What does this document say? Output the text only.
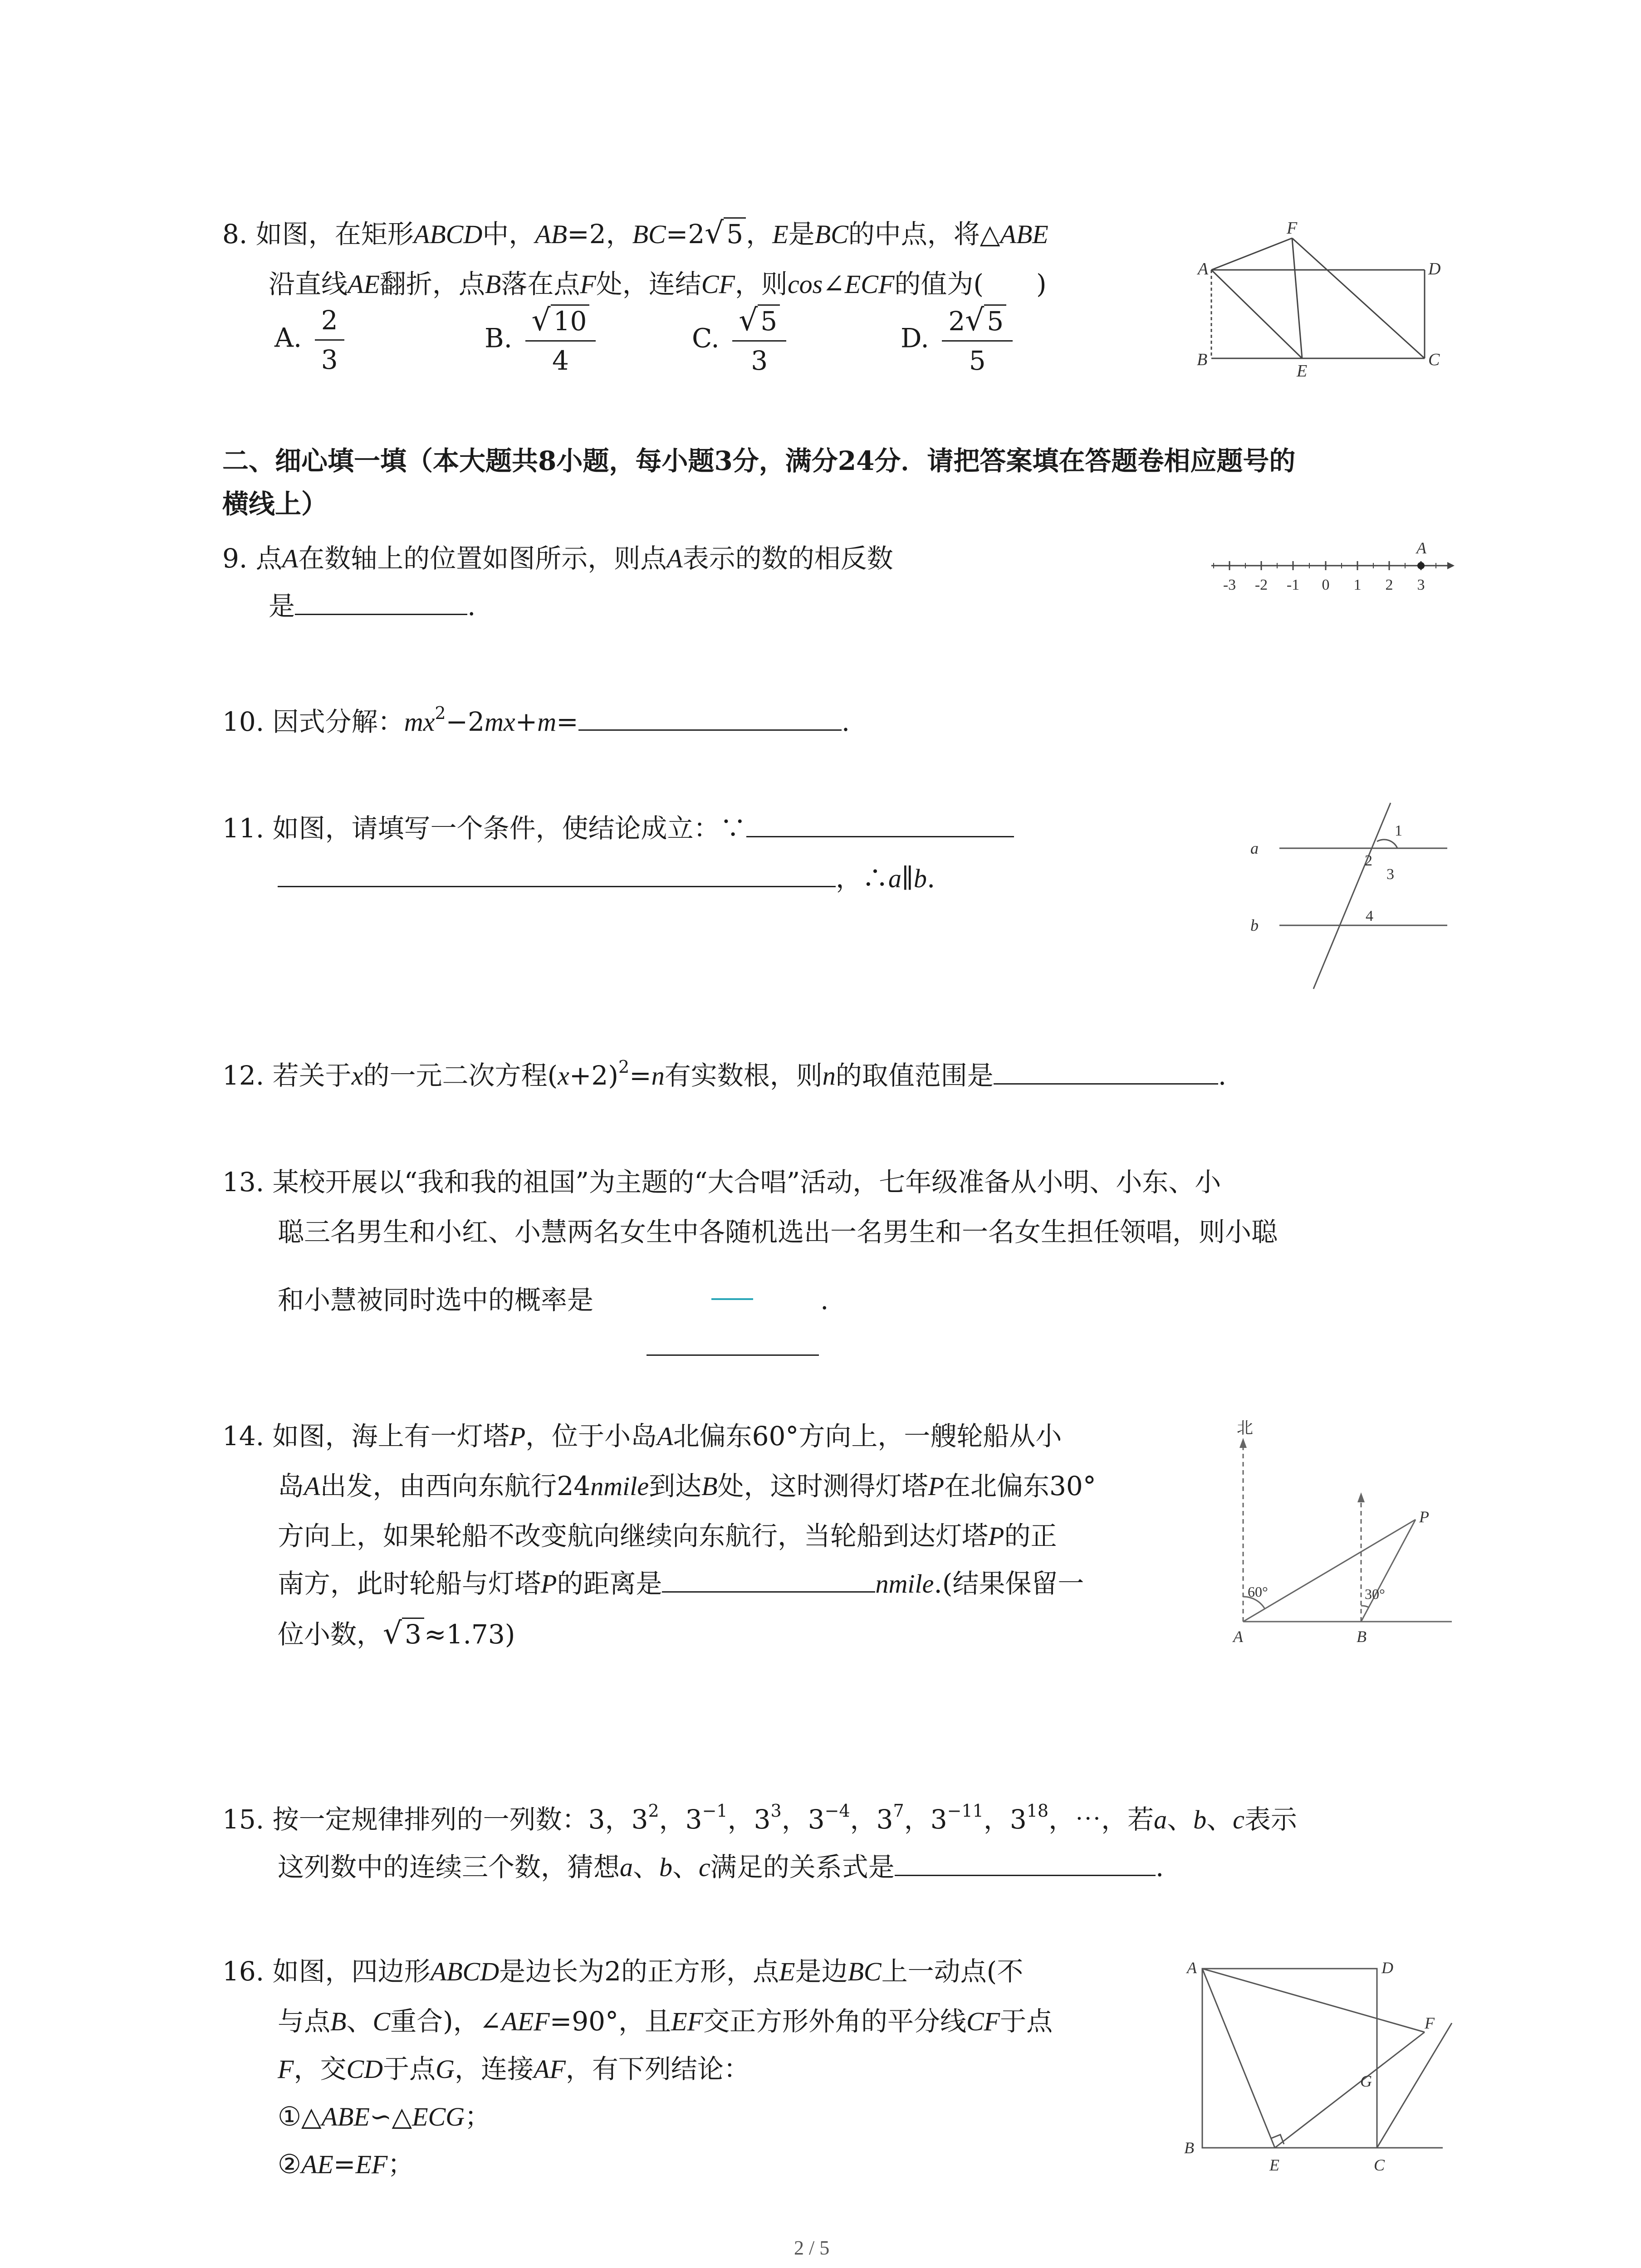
8. 如图，在矩形ABCD中，AB=2，BC=2√ 5 ，E是BC的中点，将△ABE
沿直线AE翻折，点B落在点F处，连结CF，则cos∠ECF的值为(　　)
A. $\frac{2}{3}$	B. $\frac{√ 10}{4}$	C. $\frac{√ 5}{3}$	D. $\frac{2√ 5}{5}$
A
B	C
D
E
F
二、细心填一填（本大题共8小题，每小题3分，满分24分．请把答案填在答题卷相应题号的
横线上）
9. 点A在数轴上的位置如图所示，则点A表示的数的相反数
是	.
A
-3 -2 -1 0 1 2 3
10. 因式分解：$mx^2-2mx+m=$	.
11. 如图，请填写一个条件，使结论成立：∵
，∴a∥b.
a
b
1
2
3
4
12. 若关于x的一元二次方程$(x+2)^2=n$有实数根，则n的取值范围是	.
13. 某校开展以“我和我的祖国”为主题的“大合唱”活动，七年级准备从小明、小东、小
聪三名男生和小红、小慧两名女生中各随机选出一名男生和一名女生担任领唱，则小聪
和小慧被同时选中的概率是	.
14. 如图，海上有一灯塔P，位于小岛A北偏东60°方向上，一艘轮船从小
岛A出发，由西向东航行24nmile到达B处，这时测得灯塔P在北偏东30°
方向上，如果轮船不改变航向继续向东航行，当轮船到达灯塔P的正
南方，此时轮船与灯塔P的距离是	nmile.(结果保留一
位小数，√ 3 ≈1.73)
北
A	B
P
60°	30°
15. 按一定规律排列的一列数：3，$3^2$，$3^{-1}$，$3^3$，$3^{-4}$，$3^7$，$3^{-11}$，$3^{18}$，⋯，若a、b、c表示
这列数中的连续三个数，猜想a、b、c满足的关系式是	.
16. 如图，四边形ABCD是边长为2的正方形，点E是边BC上一动点(不
与点B、C重合)，∠AEF=90°，且EF交正方形外角的平分线CF于点
F，交CD于点G，连接AF，有下列结论：
①△ABE∽△ECG；
②AE=EF；
A
B
C
D
E
F
G
2 / 5
